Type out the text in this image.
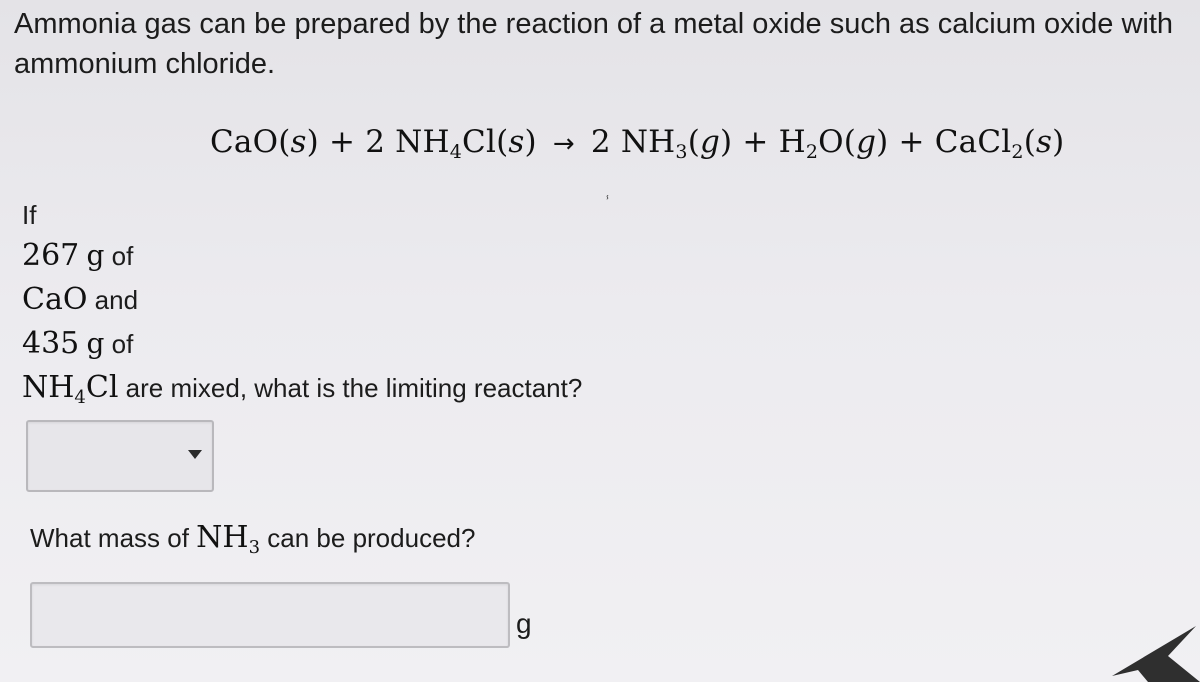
Ammonia gas can be prepared by the reaction of a metal oxide such as calcium oxide with ammonium chloride.
CaO(s) + 2 $NH_4Cl(s) \to 2$ $NH_3(g) + H_2O(g)$ + CaCl$_2$(s)
ⸯ
If
267 g of
CaO and
435 g of
$NH_4Cl$ are mixed, what is the limiting reactant?
What mass of $NH_3$ can be produced?
g
